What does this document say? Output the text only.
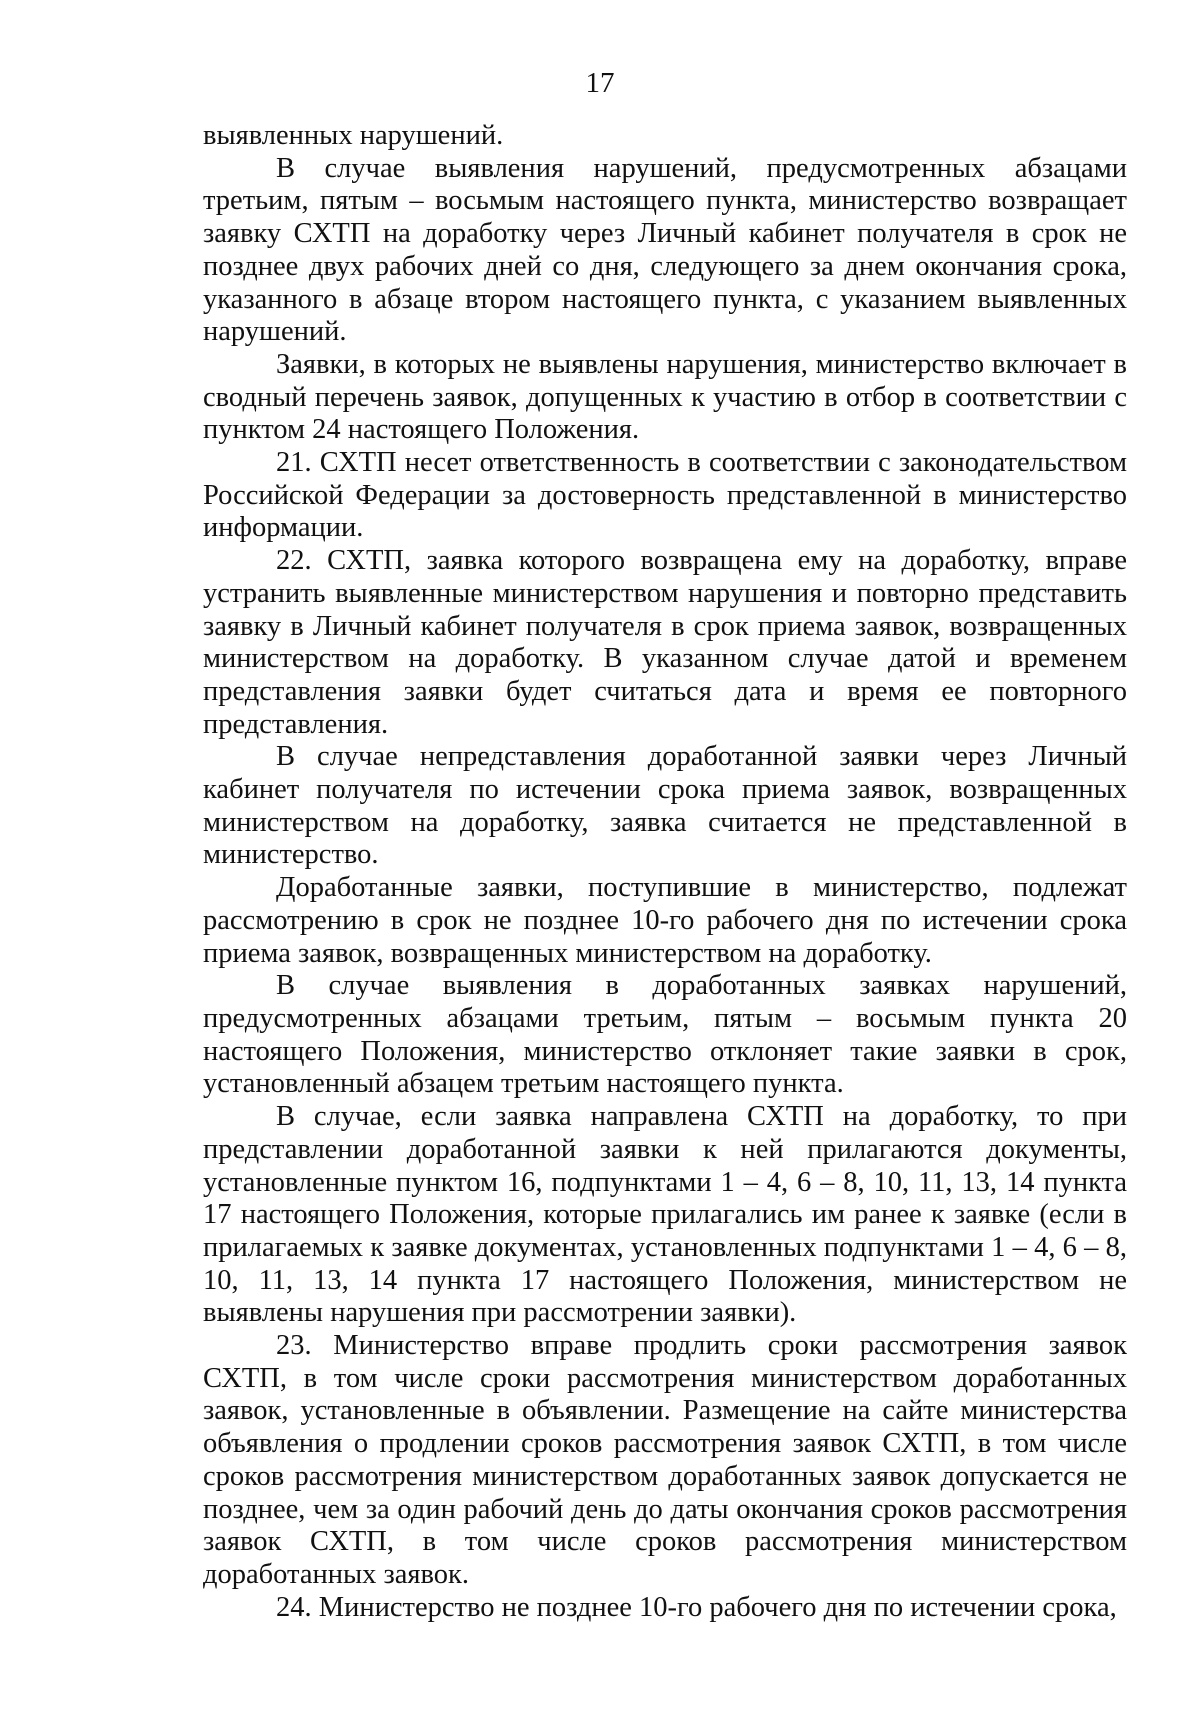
17

выявленных нарушений.

В случае выявления нарушений, предусмотренных абзацами третьим, пятым – восьмым настоящего пункта, министерство возвращает заявку СХТП на доработку через Личный кабинет получателя в срок не позднее двух рабочих дней со дня, следующего за днем окончания срока, указанного в абзаце втором настоящего пункта, с указанием выявленных нарушений.

Заявки, в которых не выявлены нарушения, министерство включает в сводный перечень заявок, допущенных к участию в отбор в соответствии с пунктом 24 настоящего Положения.

21. СХТП несет ответственность в соответствии с законодательством Российской Федерации за достоверность представленной в министерство информации.

22. СХТП, заявка которого возвращена ему на доработку, вправе устранить выявленные министерством нарушения и повторно представить заявку в Личный кабинет получателя в срок приема заявок, возвращенных министерством на доработку. В указанном случае датой и временем представления заявки будет считаться дата и время ее повторного представления.

В случае непредставления доработанной заявки через Личный кабинет получателя по истечении срока приема заявок, возвращенных министерством на доработку, заявка считается не представленной в министерство.

Доработанные заявки, поступившие в министерство, подлежат рассмотрению в срок не позднее 10-го рабочего дня по истечении срока приема заявок, возвращенных министерством на доработку.

В случае выявления в доработанных заявках нарушений, предусмотренных абзацами третьим, пятым – восьмым пункта 20 настоящего Положения, министерство отклоняет такие заявки в срок, установленный абзацем третьим настоящего пункта.

В случае, если заявка направлена СХТП на доработку, то при представлении доработанной заявки к ней прилагаются документы, установленные пунктом 16, подпунктами 1 – 4, 6 – 8, 10, 11, 13, 14 пункта 17 настоящего Положения, которые прилагались им ранее к заявке (если в прилагаемых к заявке документах, установленных подпунктами 1 – 4, 6 – 8, 10, 11, 13, 14 пункта 17 настоящего Положения, министерством не выявлены нарушения при рассмотрении заявки).

23. Министерство вправе продлить сроки рассмотрения заявок СХТП, в том числе сроки рассмотрения министерством доработанных заявок, установленные в объявлении. Размещение на сайте министерства объявления о продлении сроков рассмотрения заявок СХТП, в том числе сроков рассмотрения министерством доработанных заявок допускается не позднее, чем за один рабочий день до даты окончания сроков рассмотрения заявок СХТП, в том числе сроков рассмотрения министерством доработанных заявок.

24. Министерство не позднее 10-го рабочего дня по истечении срока,
